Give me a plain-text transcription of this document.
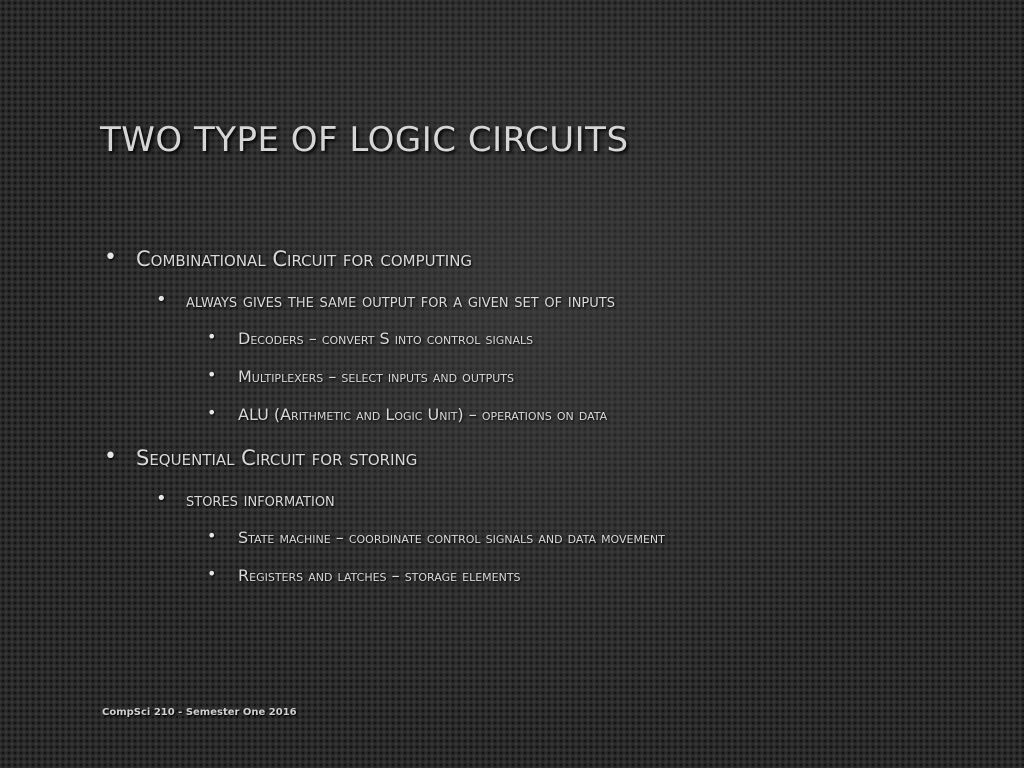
TWO TYPE OF LOGIC CIRCUITS
• Combinational Circuit for computing
• always gives the same output for a given set of inputs
• Decoders – convert S into control signals
• Multiplexers – select inputs and outputs
• ALU (Arithmetic and Logic Unit) – operations on data
• Sequential Circuit for storing
• stores information
• State machine – coordinate control signals and data movement
• Registers and latches – storage elements
CompSci 210 - Semester One 2016
